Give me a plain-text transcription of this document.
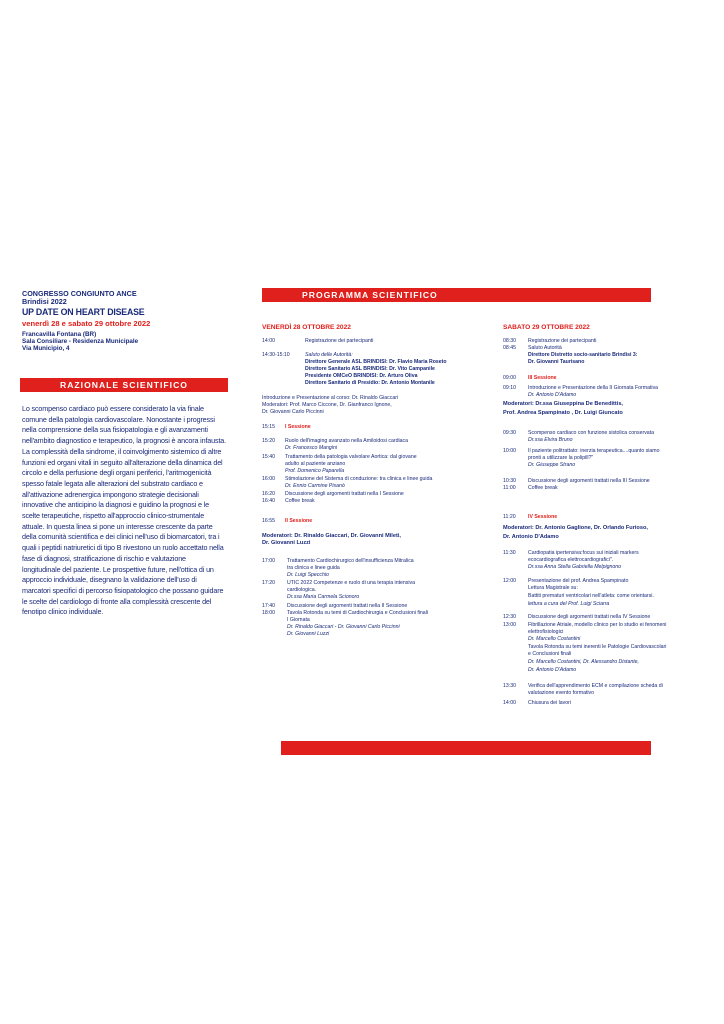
CONGRESSO CONGIUNTO ANCE
Brindisi 2022
UP DATE ON HEART DISEASE
venerdì 28 e sabato 29 ottobre 2022
Francavilla Fontana (BR)
Sala Consiliare - Residenza Municipale
Via Municipio, 4
RAZIONALE SCIENTIFICO
Lo scompenso cardiaco può essere considerato la via finale comune della patologia cardiovascolare. Nonostante i progressi nella comprensione della sua fisiopatologia e gli avanzamenti nell'ambito diagnostico e terapeutico, la prognosi è ancora infausta. La complessità della sindrome, il coinvolgimento sistemico di altre funzioni ed organi vitali in seguito all'alterazione della dinamica del circolo e della perfusione degli organi periferici, l'aritmogenicità spesso fatale legata alle alterazioni del substrato cardiaco e all'attivazione adrenergica impongono strategie decisionali innovative che anticipino la diagnosi e guidino la prognosi e le scelte terapeutiche, rispetto all'approccio clinico-strumentale attuale. In questa linea si pone un interesse crescente da parte della comunità scientifica e dei clinici nell'uso di biomarcatori, tra i quali i peptidi natriuretici di tipo B rivestono un ruolo accettato nella fase di diagnosi, stratificazione di rischio e valutazione longitudinale del paziente. Le prospettive future, nell'ottica di un approccio individuale, disegnano la validazione dell'uso di marcatori specifici di percorso fisiopatologico che possano guidare le scelte del cardiologo di fronte alla complessità crescente del fenotipo clinico individuale.
PROGRAMMA SCIENTIFICO
VENERDÌ 28 OTTOBRE 2022
14:00	Registrazione dei partecipanti
14:30-15:10	Saluto delle Autorità:
Direttore Generale ASL BRINDISI: Dr. Flavio Maria Roseto
Direttore Sanitario ASL BRINDISI: Dr. Vito Campanile
Presidente OMCeO BRINDISI: Dr. Arturo Oliva
Direttore Sanitario di Presidio: Dr. Antonio Montanile
Introduzione e Presentazione al corso: Dr. Rinaldo Giaccari
Moderatori: Prof. Marco Ciccone, Dr. Gianfranco Ignone,
Dr. Giovanni Carlo Piccinni
15:15 I Sessione
15:20 Ruolo dell'imaging avanzato nella Amiloidosi cardiaca
Dr. Francesco Mangini
15:40 Trattamento della patologia valvolare Aortica: dal giovane
adulto al paziente anziano
Prof. Domenico Paparella
16:00 Stimolazione del Sistema di conduzione: tra clinica e linee guida
Dr. Ennio Carmine Pisanò
16:20 Discussione degli argomenti trattati nella I Sessione
16:40 Coffee break
16:55 II Sessione
Moderatori: Dr. Rinaldo Giaccari, Dr. Giovanni Mileti,
Dr. Giovanni Luzzi
17:00 Trattamento Cardiochirurgico dell'insufficienza Mitralica
tra clinica e linee guida
Dr. Luigi Specchio
17:20 UTIC 2022 Competenze e ruolo di una terapia intensiva
cardiologica.
Dr.ssa Maria Carmela Scionoro
17:40 Discussione degli argomenti trattati nella II Sessione
18:00 Tavola Rotonda su temi di Cardiochirurgia e Conclusioni finali
I Giornata
Dr. Rinaldo Giaccari - Dr. Giovanni Carlo Piccinni
Dr. Giovanni Luzzi
SABATO 29 OTTOBRE 2022
08:30 Registrazione dei partecipanti
08:45 Saluto Autorità
Direttore Distretto socio-sanitario Brindisi 3:
Dr. Giovanni Taurisano
09:00 III Sessione
09:10 Introduzione e Presentazione della II Giornata Formativa
Dr. Antonio D'Adamo
Moderatori: Dr.ssa Giuseppina De Benedittis,
Prof. Andrea Spampinato , Dr. Luigi Giuncato
09:30 Scompenso cardiaco con funzione sistolica conservata
Dr.ssa Elvira Bruno
10:00 Il paziente politrattato: inerzia terapeutica....quanto siamo
pronti a utilizzare la polipill?"
Dr. Giuseppe Strano
10:30 Discussione degli argomenti trattati nella III Sessione
11:00 Coffee break
11:20 IV Sessione
Moderatori: Dr. Antonio Gaglione, Dr. Orlando Furioso,
Dr. Antonio D'Adamo
11:30 Cardiopatia ipertensiva:focus sui iniziali markers
ecocardiografica elettrocardiografici".
Dr.ssa Anna Stella Gabriella Melpignono
12:00 Presentazione del prof. Andrea Spampinato
Lettura Magistrale su:
Battiti prematuri ventricolari nell'atleta: come orientarsi.
lettura a cura del Prof. Luigi Sciarra
12:30 Discussione degli argomenti trattati nella IV Sessione
13:00 Fibrillazione Atriale, modello clinico per lo studio ei fenomeni
elettrofisiologici
Dr. Marcello Costantini
Tavola Rotonda su temi inerenti le Patologie Cardiovascolari
e Conclusioni finali
Dr. Marcello Costantini, Dr. Alessandro Distante,
Dr. Antonio D'Adamo
13:30 Verifica dell'apprendimento ECM e compilazione scheda di
valutazione evento formativo
14:00 Chiusura dei lavori
